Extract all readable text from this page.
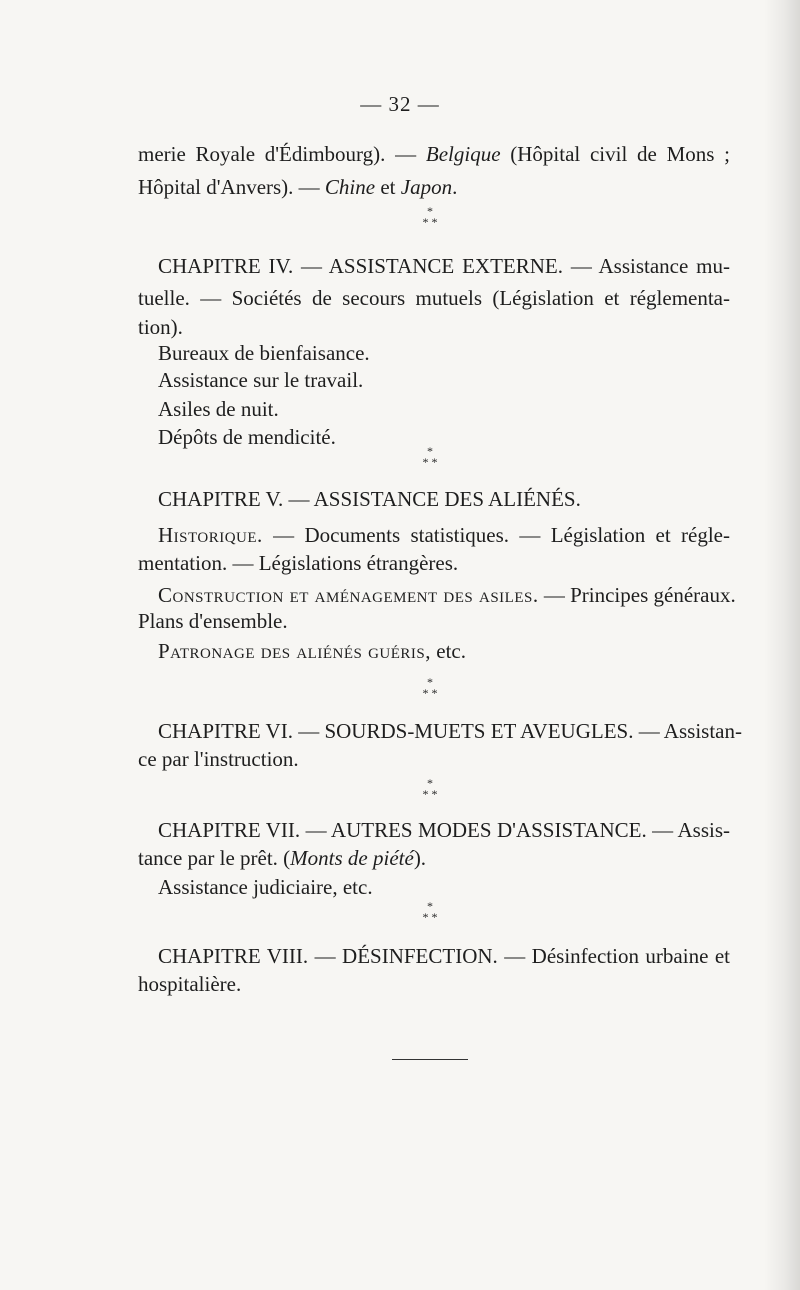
— 32 —
merie Royale d'Édimbourg). — Belgique (Hôpital civil de Mons ;
Hôpital d'Anvers). — Chine et Japon.
*
* *
CHAPITRE IV. — ASSISTANCE EXTERNE. — Assistance mu-
tuelle. — Sociétés de secours mutuels (Législation et réglementa-
tion).
Bureaux de bienfaisance.
Assistance sur le travail.
Asiles de nuit.
Dépôts de mendicité.
*
* *
CHAPITRE V. — ASSISTANCE DES ALIÉNÉS.
Historique. — Documents statistiques. — Législation et régle-
mentation. — Législations étrangères.
Construction et aménagement des asiles. — Principes généraux.
Plans d'ensemble.
Patronage des aliénés guéris, etc.
*
* *
CHAPITRE VI. — SOURDS-MUETS ET AVEUGLES. — Assistan-
ce par l'instruction.
*
* *
CHAPITRE VII. — AUTRES MODES D'ASSISTANCE. — Assis-
tance par le prêt. (Monts de piété).
Assistance judiciaire, etc.
*
* *
CHAPITRE VIII. — DÉSINFECTION. — Désinfection urbaine et
hospitalière.
